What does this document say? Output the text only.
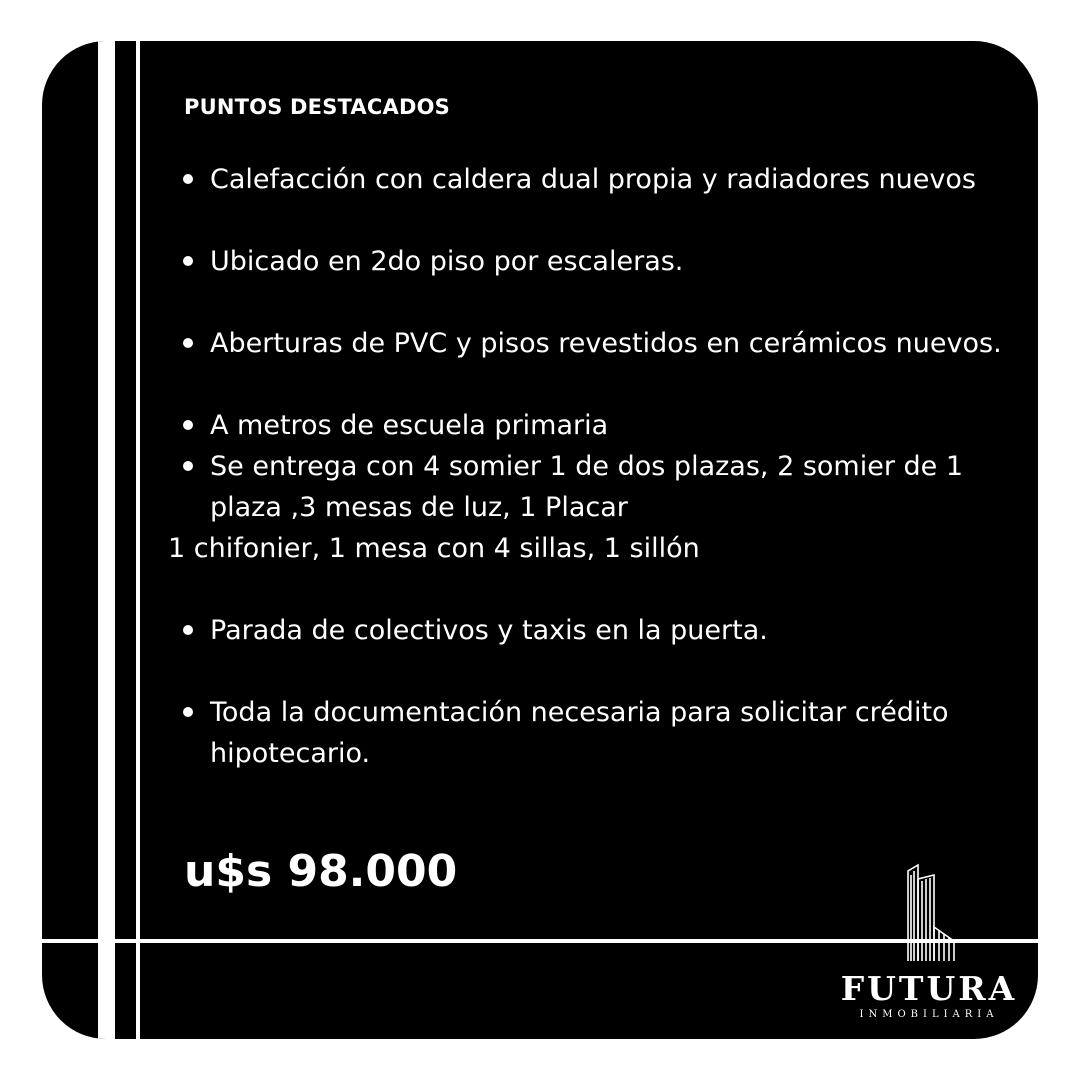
PUNTOS DESTACADOS
Calefacción con caldera dual propia y radiadores nuevos
Ubicado en 2do piso por escaleras.
Aberturas de PVC y pisos revestidos en cerámicos nuevos.
A metros de escuela primaria
Se entrega con 4 somier 1 de dos plazas, 2 somier de 1 plaza ,3 mesas de luz, 1 Placar
1 chifonier, 1 mesa con 4 sillas, 1 sillón
Parada de colectivos y taxis en la puerta.
Toda la documentación necesaria para solicitar crédito hipotecario.
u$s 98.000
FUTURA
INMOBILIARIA
